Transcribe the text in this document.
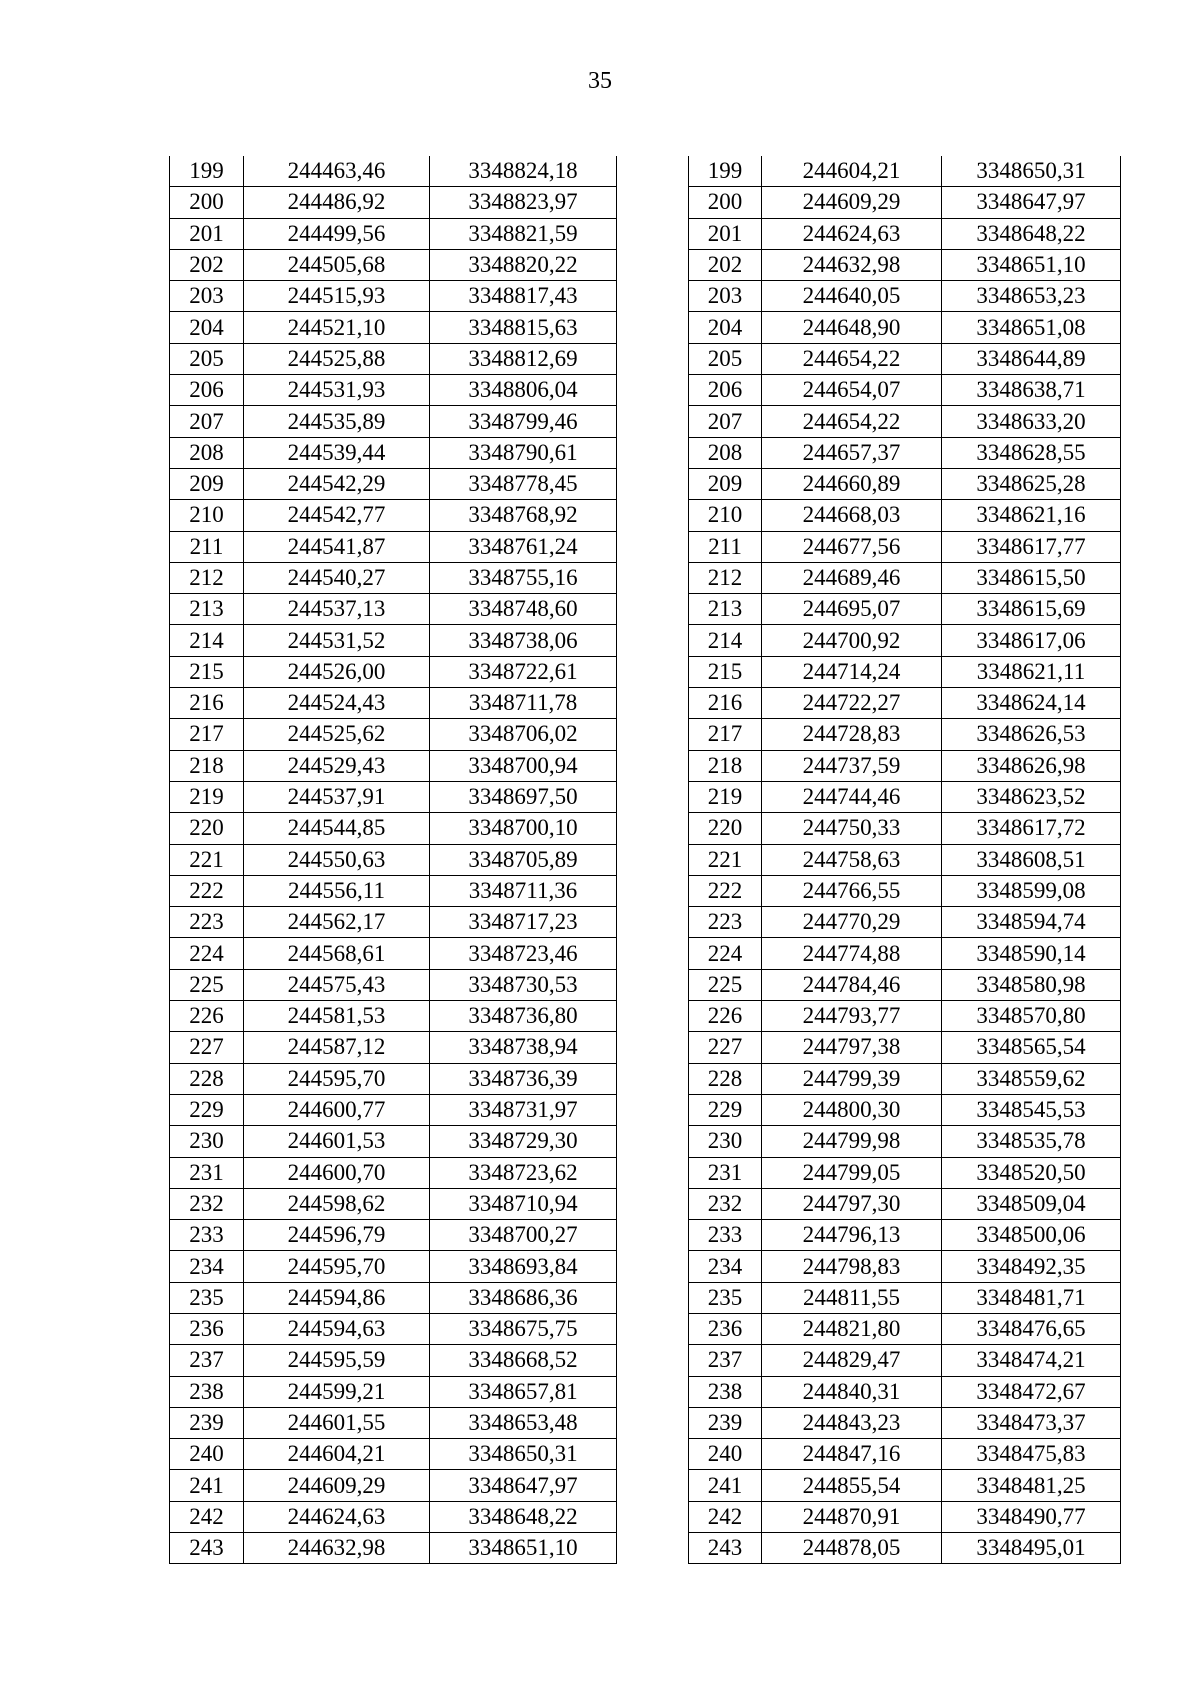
35
199	244463,46	3348824,18
200	244486,92	3348823,97
201	244499,56	3348821,59
202	244505,68	3348820,22
203	244515,93	3348817,43
204	244521,10	3348815,63
205	244525,88	3348812,69
206	244531,93	3348806,04
207	244535,89	3348799,46
208	244539,44	3348790,61
209	244542,29	3348778,45
210	244542,77	3348768,92
211	244541,87	3348761,24
212	244540,27	3348755,16
213	244537,13	3348748,60
214	244531,52	3348738,06
215	244526,00	3348722,61
216	244524,43	3348711,78
217	244525,62	3348706,02
218	244529,43	3348700,94
219	244537,91	3348697,50
220	244544,85	3348700,10
221	244550,63	3348705,89
222	244556,11	3348711,36
223	244562,17	3348717,23
224	244568,61	3348723,46
225	244575,43	3348730,53
226	244581,53	3348736,80
227	244587,12	3348738,94
228	244595,70	3348736,39
229	244600,77	3348731,97
230	244601,53	3348729,30
231	244600,70	3348723,62
232	244598,62	3348710,94
233	244596,79	3348700,27
234	244595,70	3348693,84
235	244594,86	3348686,36
236	244594,63	3348675,75
237	244595,59	3348668,52
238	244599,21	3348657,81
239	244601,55	3348653,48
240	244604,21	3348650,31
241	244609,29	3348647,97
242	244624,63	3348648,22
243	244632,98	3348651,10
199	244604,21	3348650,31
200	244609,29	3348647,97
201	244624,63	3348648,22
202	244632,98	3348651,10
203	244640,05	3348653,23
204	244648,90	3348651,08
205	244654,22	3348644,89
206	244654,07	3348638,71
207	244654,22	3348633,20
208	244657,37	3348628,55
209	244660,89	3348625,28
210	244668,03	3348621,16
211	244677,56	3348617,77
212	244689,46	3348615,50
213	244695,07	3348615,69
214	244700,92	3348617,06
215	244714,24	3348621,11
216	244722,27	3348624,14
217	244728,83	3348626,53
218	244737,59	3348626,98
219	244744,46	3348623,52
220	244750,33	3348617,72
221	244758,63	3348608,51
222	244766,55	3348599,08
223	244770,29	3348594,74
224	244774,88	3348590,14
225	244784,46	3348580,98
226	244793,77	3348570,80
227	244797,38	3348565,54
228	244799,39	3348559,62
229	244800,30	3348545,53
230	244799,98	3348535,78
231	244799,05	3348520,50
232	244797,30	3348509,04
233	244796,13	3348500,06
234	244798,83	3348492,35
235	244811,55	3348481,71
236	244821,80	3348476,65
237	244829,47	3348474,21
238	244840,31	3348472,67
239	244843,23	3348473,37
240	244847,16	3348475,83
241	244855,54	3348481,25
242	244870,91	3348490,77
243	244878,05	3348495,01
